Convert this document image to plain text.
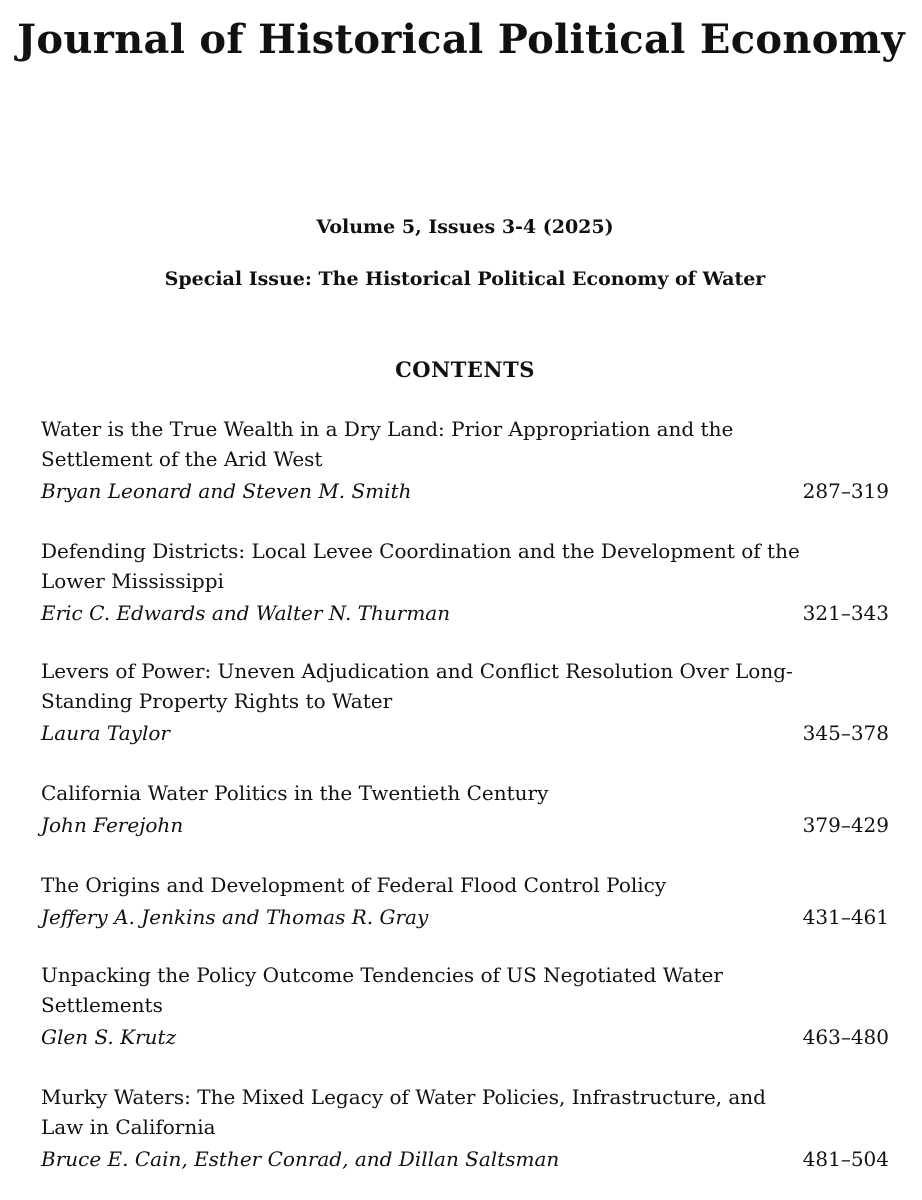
Journal of Historical Political Economy
Volume 5, Issues 3-4 (2025)
Special Issue: The Historical Political Economy of Water
CONTENTS
Water is the True Wealth in a Dry Land: Prior Appropriation and the Settlement of the Arid West
Bryan Leonard and Steven M. Smith	287–319
Defending Districts: Local Levee Coordination and the Development of the Lower Mississippi
Eric C. Edwards and Walter N. Thurman	321–343
Levers of Power: Uneven Adjudication and Conflict Resolution Over Long-Standing Property Rights to Water
Laura Taylor	345–378
California Water Politics in the Twentieth Century
John Ferejohn	379–429
The Origins and Development of Federal Flood Control Policy
Jeffery A. Jenkins and Thomas R. Gray	431–461
Unpacking the Policy Outcome Tendencies of US Negotiated Water Settlements
Glen S. Krutz	463–480
Murky Waters: The Mixed Legacy of Water Policies, Infrastructure, and Law in California
Bruce E. Cain, Esther Conrad, and Dillan Saltsman	481–504
